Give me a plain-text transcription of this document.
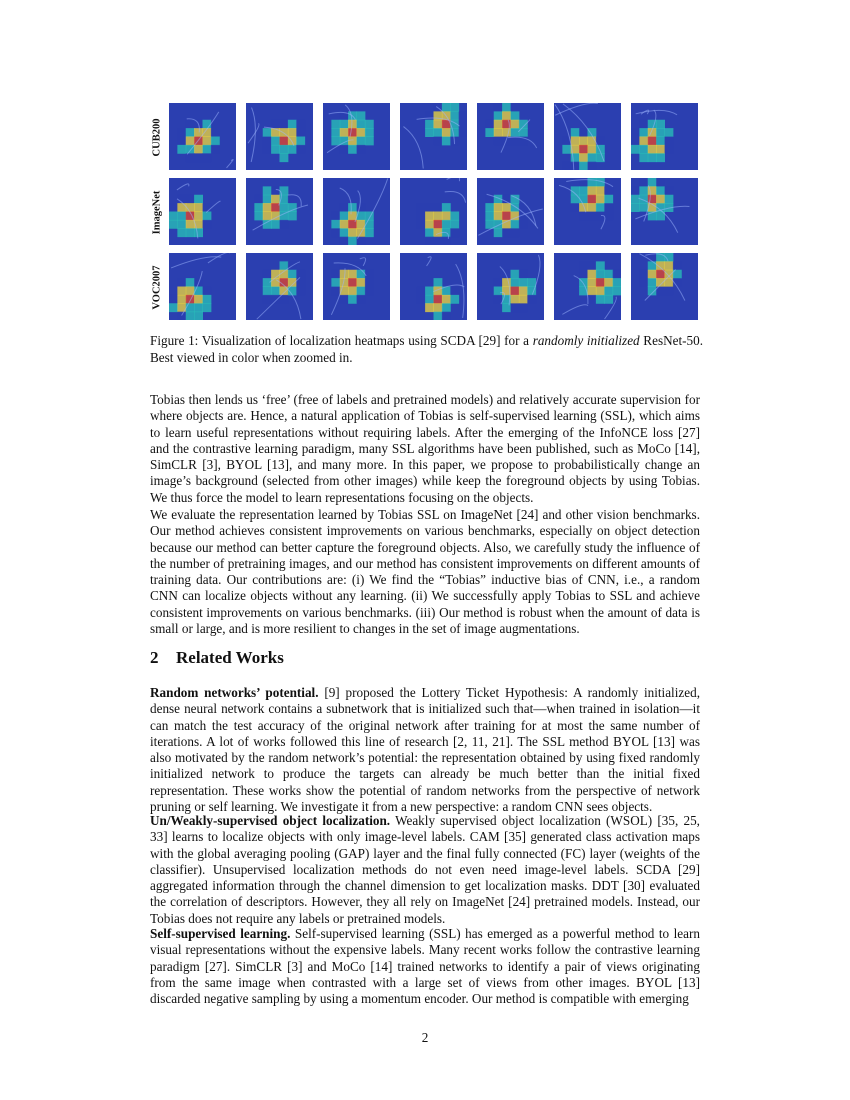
CUB200
ImageNet
VOC2007
Figure 1: Visualization of localization heatmaps using SCDA [29] for a randomly initialized ResNet-50. Best viewed in color when zoomed in.

Tobias then lends us ‘free’ (free of labels and pretrained models) and relatively accurate supervision for where objects are. Hence, a natural application of Tobias is self-supervised learning (SSL), which aims to learn useful representations without requiring labels. After the emerging of the InfoNCE loss [27] and the contrastive learning paradigm, many SSL algorithms have been published, such as MoCo [14], SimCLR [3], BYOL [13], and many more. In this paper, we propose to probabilistically change an image’s background (selected from other images) while keep the foreground objects by using Tobias. We thus force the model to learn representations focusing on the objects.

We evaluate the representation learned by Tobias SSL on ImageNet [24] and other vision benchmarks. Our method achieves consistent improvements on various benchmarks, especially on object detection because our method can better capture the foreground objects. Also, we carefully study the influence of the number of pretraining images, and our method has consistent improvements on different amounts of training data. Our contributions are: (i) We find the “Tobias” inductive bias of CNN, i.e., a random CNN can localize objects without any learning. (ii) We successfully apply Tobias to SSL and achieve consistent improvements on various benchmarks. (iii) Our method is robust when the amount of data is small or large, and is more resilient to changes in the set of image augmentations.

2 Related Works

Random networks’ potential. [9] proposed the Lottery Ticket Hypothesis: A randomly initialized, dense neural network contains a subnetwork that is initialized such that—when trained in isolation—it can match the test accuracy of the original network after training for at most the same number of iterations. A lot of works followed this line of research [2, 11, 21]. The SSL method BYOL [13] was also motivated by the random network’s potential: the representation obtained by using fixed randomly initialized network to produce the targets can already be much better than the initial fixed representation. These works show the potential of random networks from the perspective of network pruning or self learning. We investigate it from a new perspective: a random CNN sees objects.

Un/Weakly-supervised object localization. Weakly supervised object localization (WSOL) [35, 25, 33] learns to localize objects with only image-level labels. CAM [35] generated class activation maps with the global averaging pooling (GAP) layer and the final fully connected (FC) layer (weights of the classifier). Unsupervised localization methods do not even need image-level labels. SCDA [29] aggregated information through the channel dimension to get localization masks. DDT [30] evaluated the correlation of descriptors. However, they all rely on ImageNet [24] pretrained models. Instead, our Tobias does not require any labels or pretrained models.

Self-supervised learning. Self-supervised learning (SSL) has emerged as a powerful method to learn visual representations without the expensive labels. Many recent works follow the contrastive learning paradigm [27]. SimCLR [3] and MoCo [14] trained networks to identify a pair of views originating from the same image when contrasted with a large set of views from other images. BYOL [13] discarded negative sampling by using a momentum encoder. Our method is compatible with emerging

2
